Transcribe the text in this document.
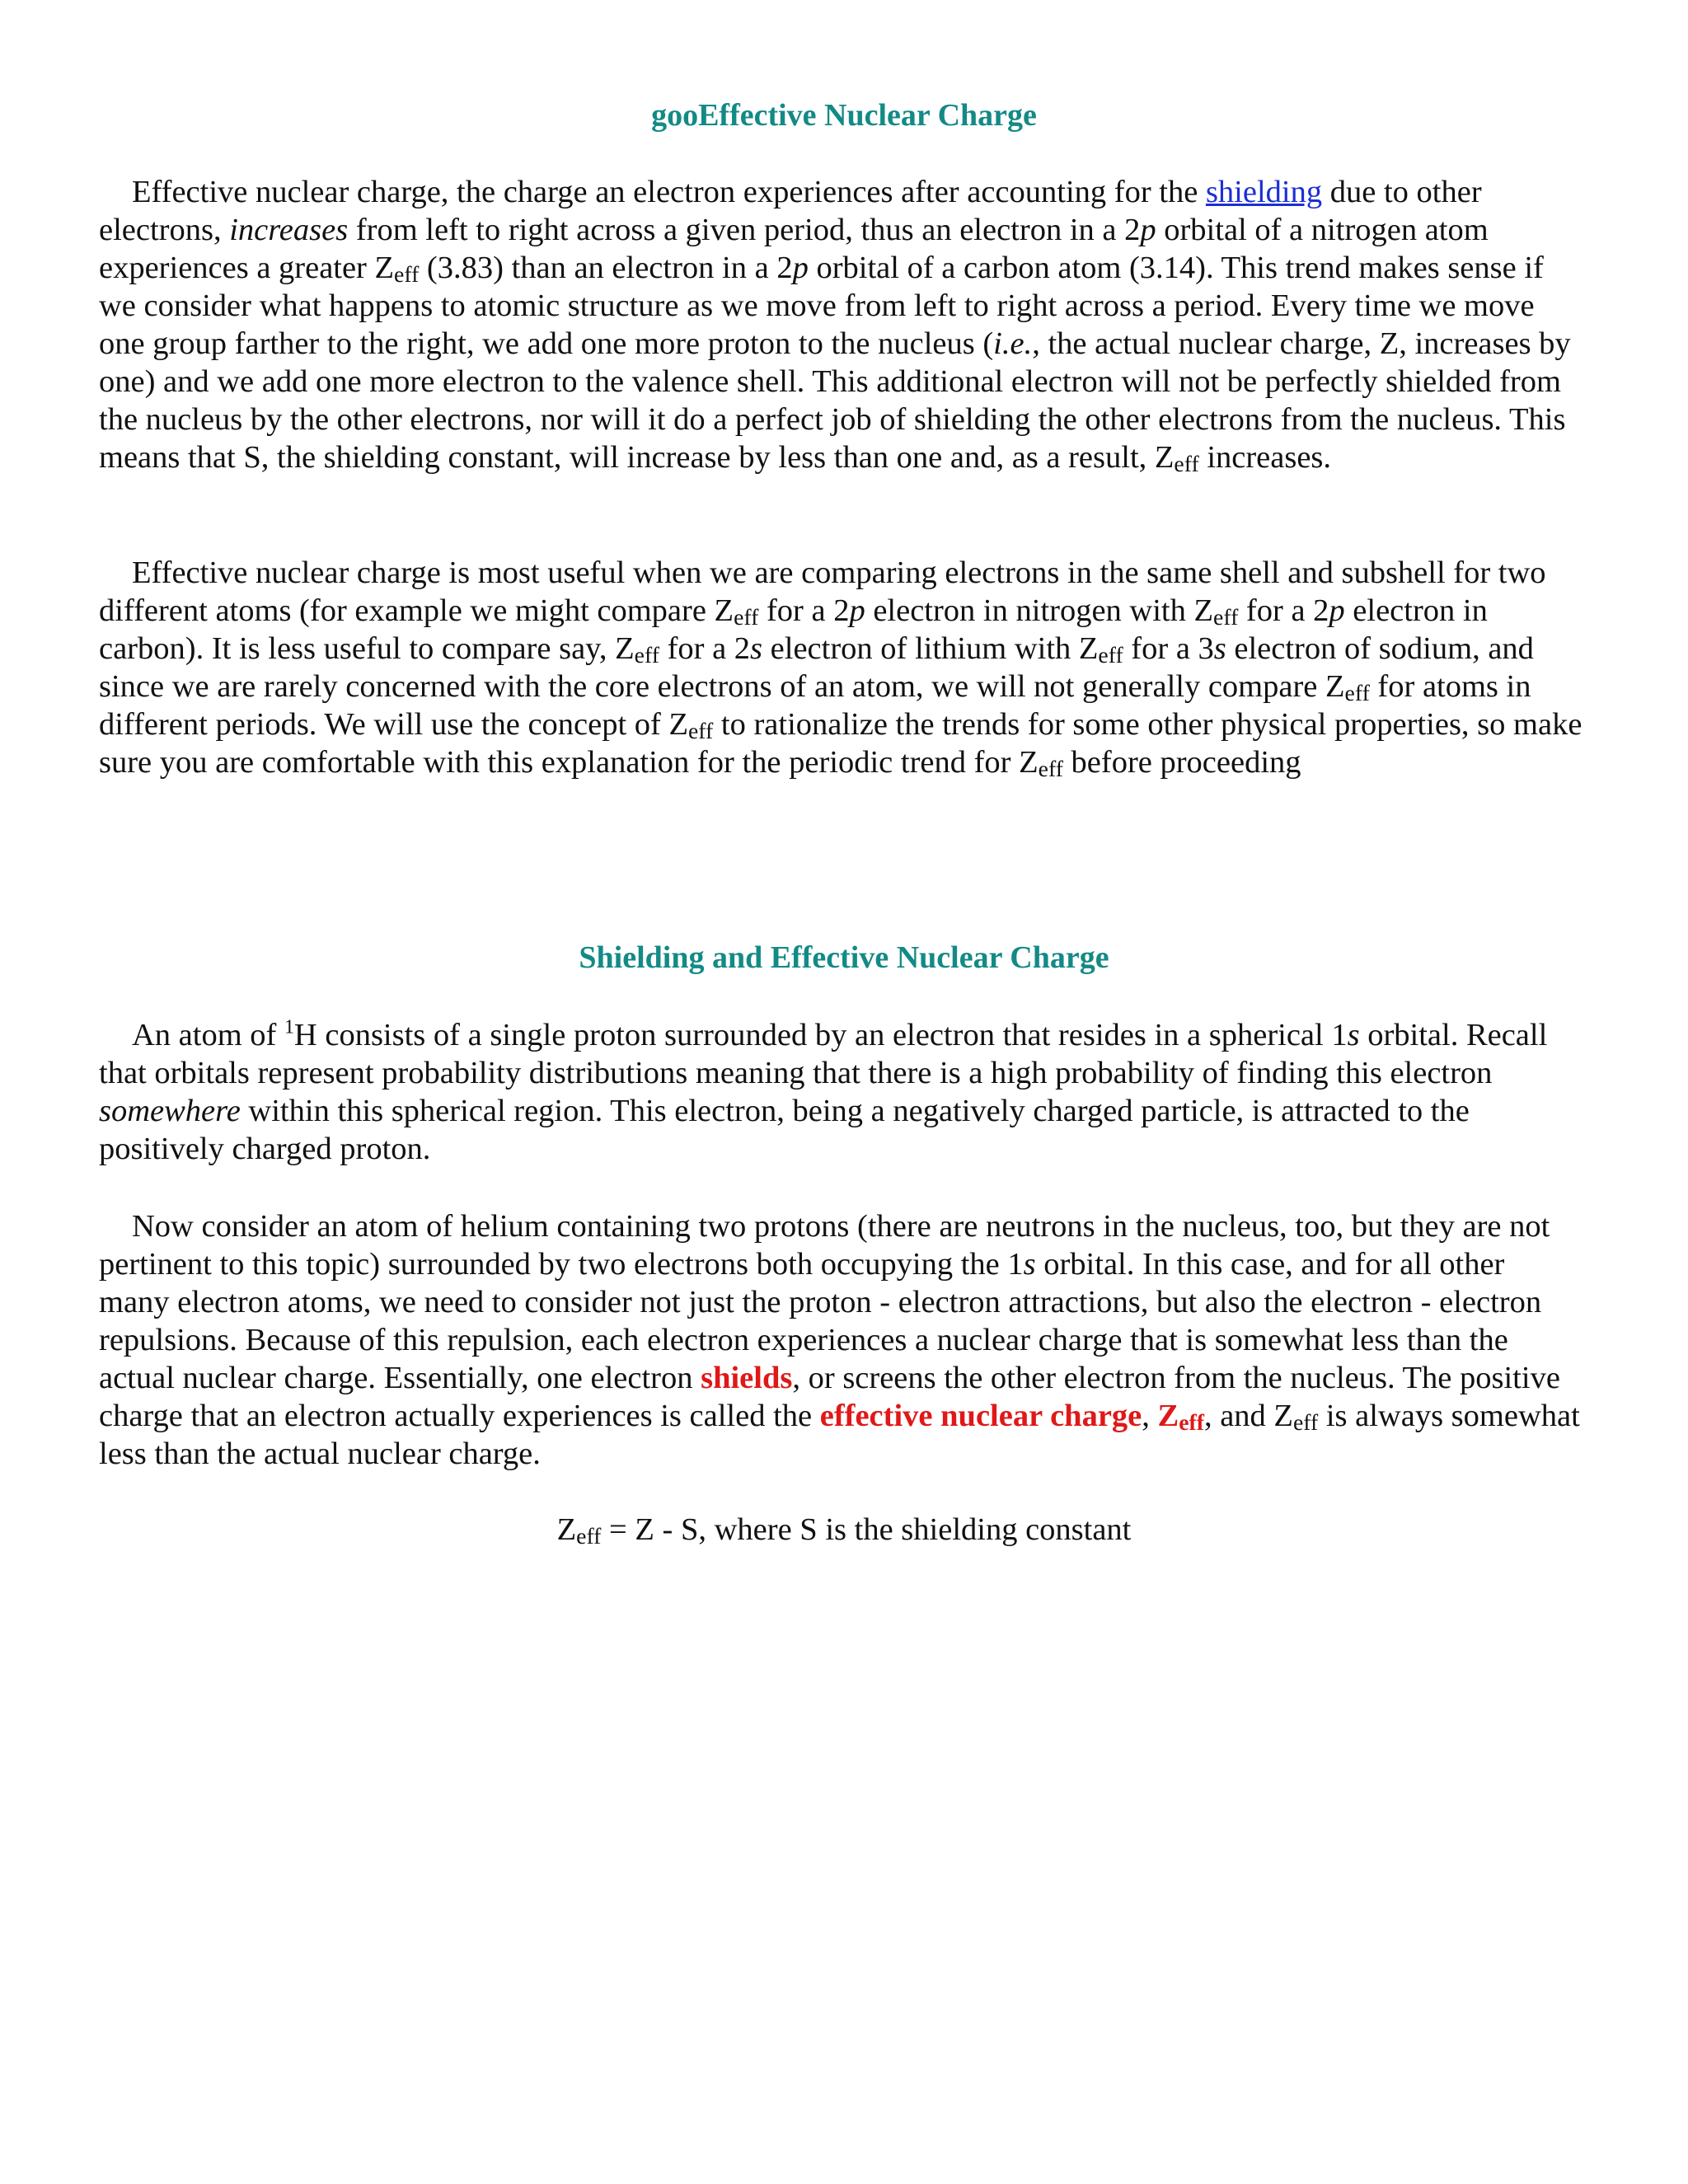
gooEffective Nuclear Charge

Effective nuclear charge, the charge an electron experiences after accounting for the shielding due to other electrons, increases from left to right across a given period, thus an electron in a 2p orbital of a nitrogen atom experiences a greater $Z_{eff}$ (3.83) than an electron in a 2p orbital of a carbon atom (3.14). This trend makes sense if we consider what happens to atomic structure as we move from left to right across a period. Every time we move one group farther to the right, we add one more proton to the nucleus (i.e., the actual nuclear charge, Z, increases by one) and we add one more electron to the valence shell. This additional electron will not be perfectly shielded from the nucleus by the other electrons, nor will it do a perfect job of shielding the other electrons from the nucleus. This means that S, the shielding constant, will increase by less than one and, as a result, $Z_{eff}$ increases.

Effective nuclear charge is most useful when we are comparing electrons in the same shell and subshell for two different atoms (for example we might compare $Z_{eff}$ for a 2p electron in nitrogen with $Z_{eff}$ for a 2p electron in carbon). It is less useful to compare say, $Z_{eff}$ for a 2s electron of lithium with $Z_{eff}$ for a 3s electron of sodium, and since we are rarely concerned with the core electrons of an atom, we will not generally compare $Z_{eff}$ for atoms in different periods. We will use the concept of $Z_{eff}$ to rationalize the trends for some other physical properties, so make sure you are comfortable with this explanation for the periodic trend for $Z_{eff}$ before proceeding

Shielding and Effective Nuclear Charge

An atom of $^1$H consists of a single proton surrounded by an electron that resides in a spherical 1s orbital. Recall that orbitals represent probability distributions meaning that there is a high probability of finding this electron somewhere within this spherical region. This electron, being a negatively charged particle, is attracted to the positively charged proton.

Now consider an atom of helium containing two protons (there are neutrons in the nucleus, too, but they are not pertinent to this topic) surrounded by two electrons both occupying the 1s orbital. In this case, and for all other many electron atoms, we need to consider not just the proton - electron attractions, but also the electron - electron repulsions. Because of this repulsion, each electron experiences a nuclear charge that is somewhat less than the actual nuclear charge. Essentially, one electron shields, or screens the other electron from the nucleus. The positive charge that an electron actually experiences is called the effective nuclear charge, $Z_{eff}$, and $Z_{eff}$ is always somewhat less than the actual nuclear charge.

$Z_{eff} = Z - S$, where S is the shielding constant
